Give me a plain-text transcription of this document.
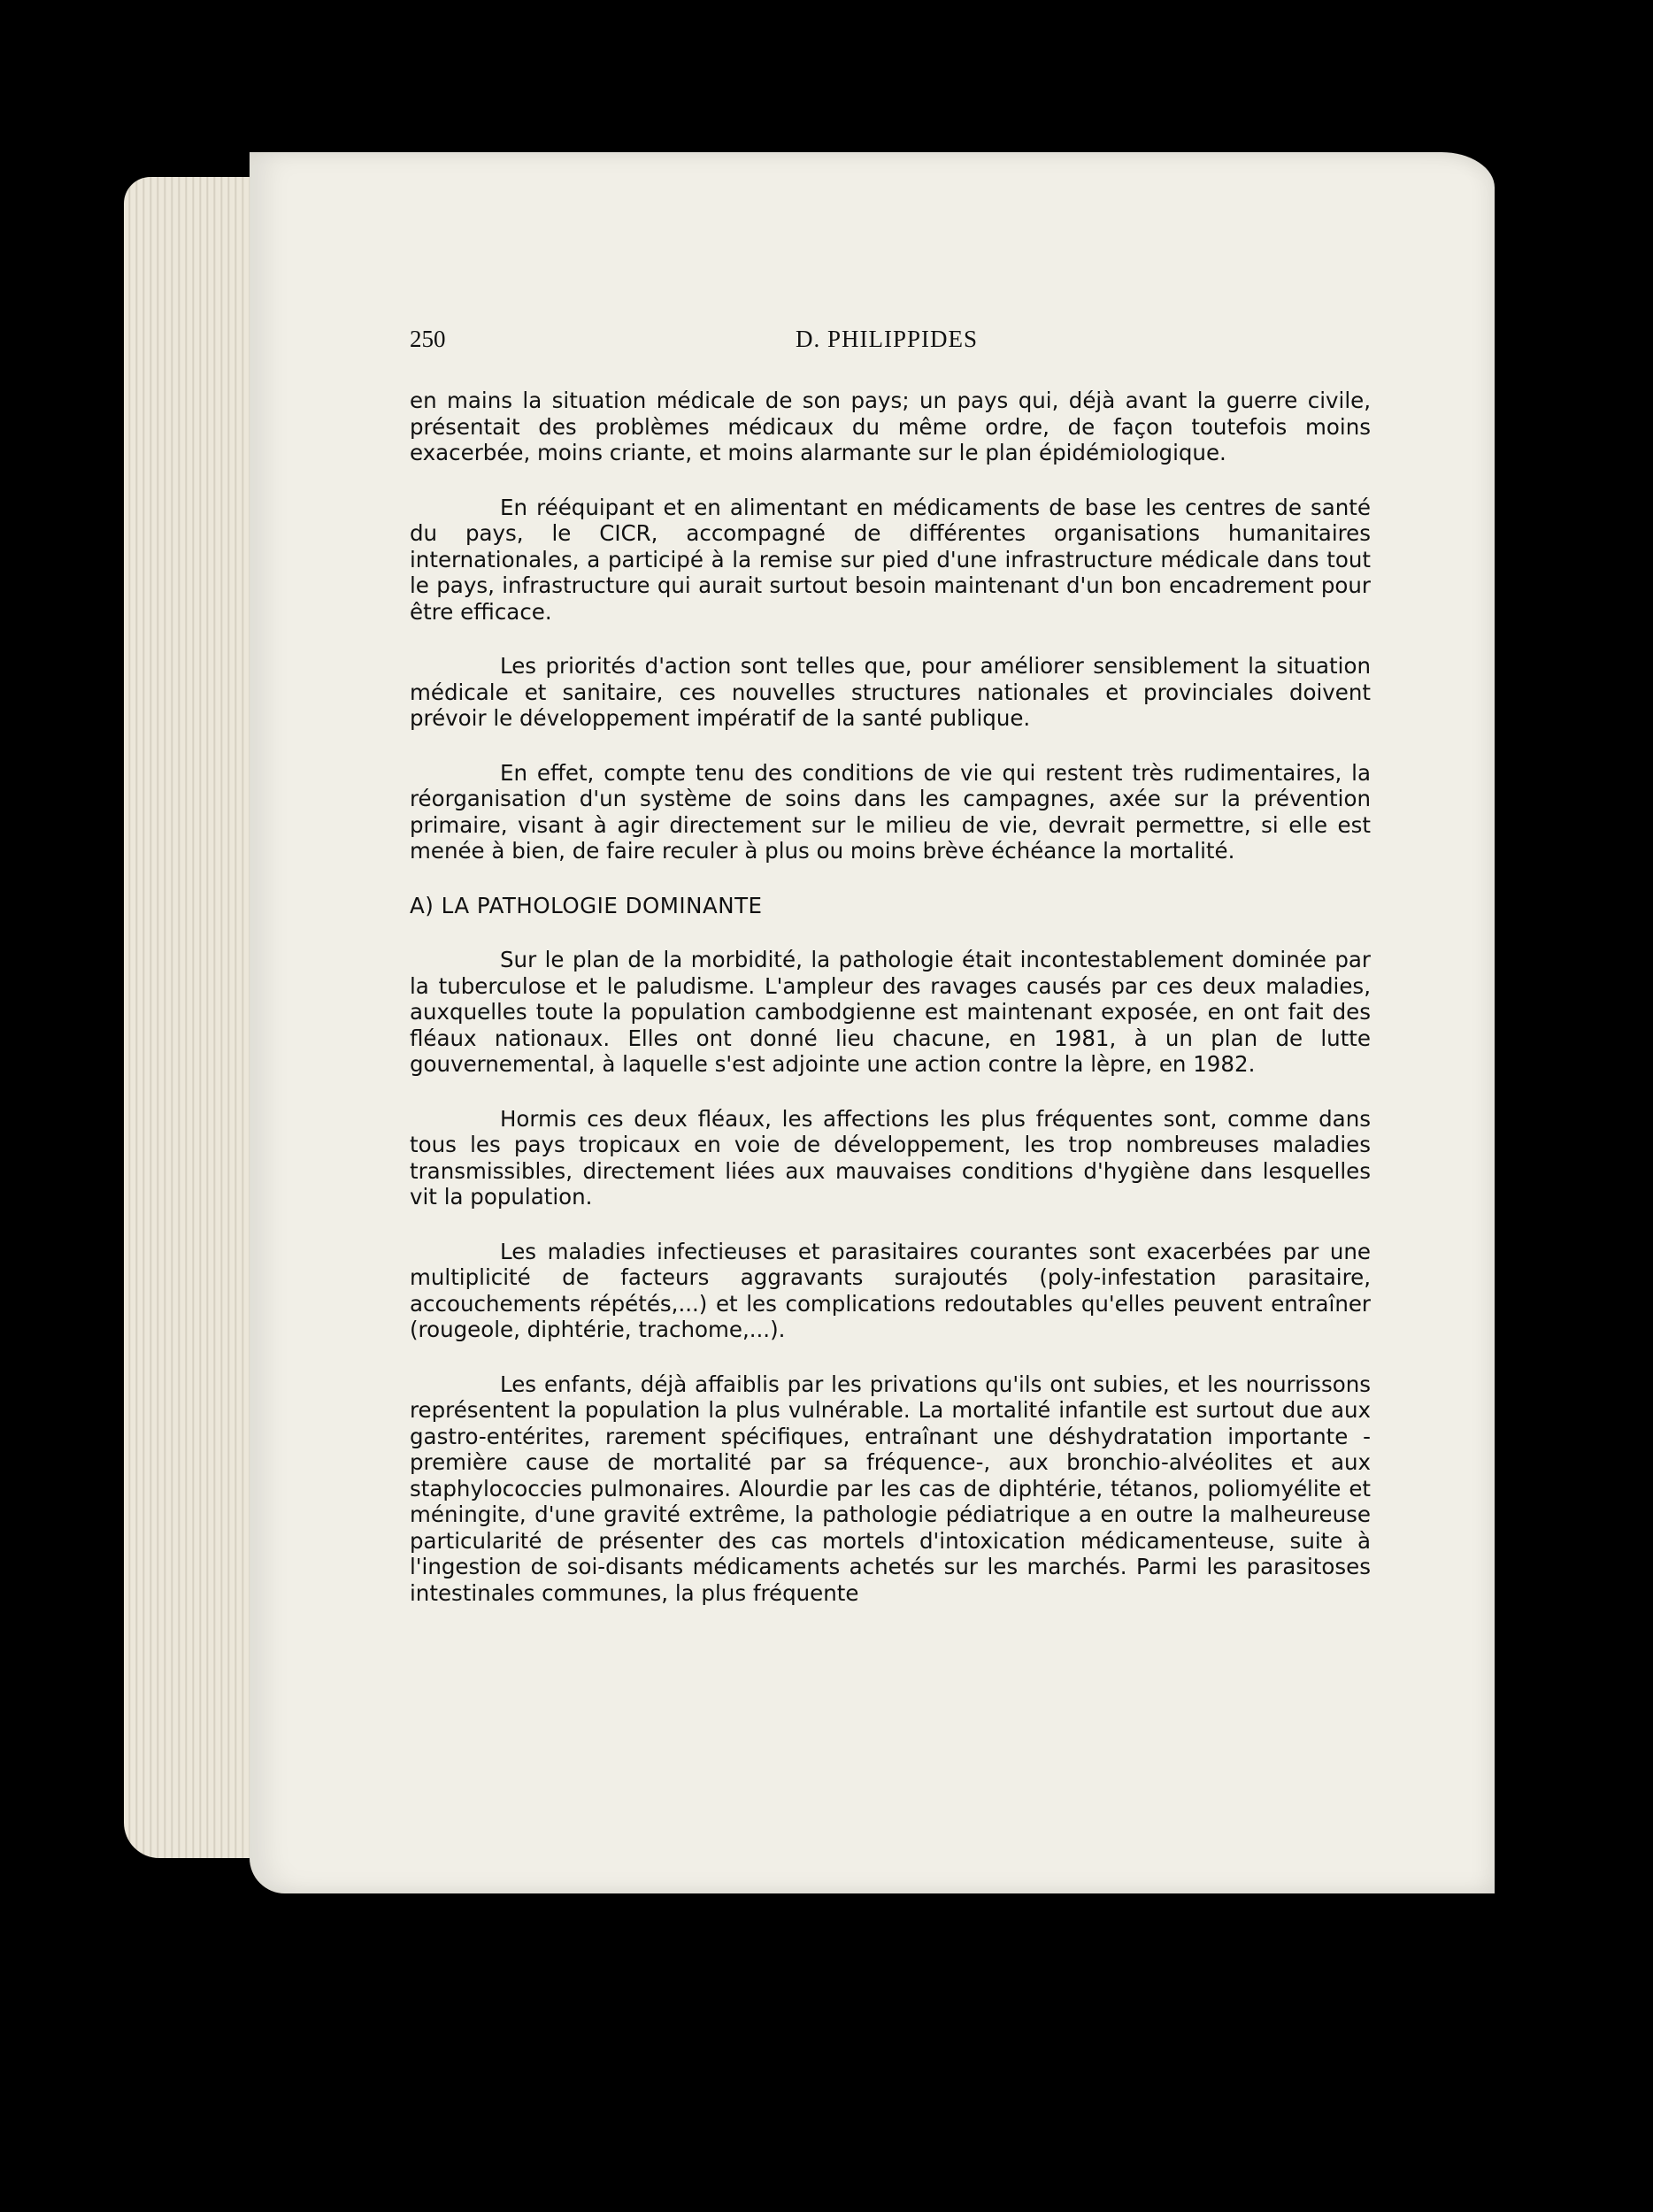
250	D. PHILIPPIDES

en mains la situation médicale de son pays; un pays qui, déjà avant la guerre civile, présentait des problèmes médicaux du même ordre, de façon toutefois moins exacerbée, moins criante, et moins alarmante sur le plan épidémiologique.

En rééquipant et en alimentant en médicaments de base les centres de santé du pays, le CICR, accompagné de différentes organisations humanitaires internationales, a participé à la remise sur pied d'une infrastructure médicale dans tout le pays, infrastructure qui aurait surtout besoin maintenant d'un bon encadrement pour être efficace.

Les priorités d'action sont telles que, pour améliorer sensiblement la situation médicale et sanitaire, ces nouvelles structures nationales et provinciales doivent prévoir le développement impératif de la santé publique.

En effet, compte tenu des conditions de vie qui restent très rudimentaires, la réorganisation d'un système de soins dans les campagnes, axée sur la prévention primaire, visant à agir directement sur le milieu de vie, devrait permettre, si elle est menée à bien, de faire reculer à plus ou moins brève échéance la mortalité.

A) LA PATHOLOGIE DOMINANTE

Sur le plan de la morbidité, la pathologie était incontestablement dominée par la tuberculose et le paludisme. L'ampleur des ravages causés par ces deux maladies, auxquelles toute la population cambodgienne est maintenant exposée, en ont fait des fléaux nationaux. Elles ont donné lieu chacune, en 1981, à un plan de lutte gouvernemental, à laquelle s'est adjointe une action contre la lèpre, en 1982.

Hormis ces deux fléaux, les affections les plus fréquentes sont, comme dans tous les pays tropicaux en voie de développement, les trop nombreuses maladies transmissibles, directement liées aux mauvaises conditions d'hygiène dans lesquelles vit la population.

Les maladies infectieuses et parasitaires courantes sont exacerbées par une multiplicité de facteurs aggravants surajoutés (poly-infestation parasitaire, accouchements répétés,...) et les complications redoutables qu'elles peuvent entraîner (rougeole, diphtérie, trachome,...).

Les enfants, déjà affaiblis par les privations qu'ils ont subies, et les nourrissons représentent la population la plus vulnérable. La mortalité infantile est surtout due aux gastro-entérites, rarement spécifiques, entraînant une déshydratation importante -première cause de mortalité par sa fréquence-, aux bronchio-alvéolites et aux staphylococcies pulmonaires. Alourdie par les cas de diphtérie, tétanos, poliomyélite et méningite, d'une gravité extrême, la pathologie pédiatrique a en outre la malheureuse particularité de présenter des cas mortels d'intoxication médicamenteuse, suite à l'ingestion de soi-disants médicaments achetés sur les marchés. Parmi les parasitoses intestinales communes, la plus fréquente
